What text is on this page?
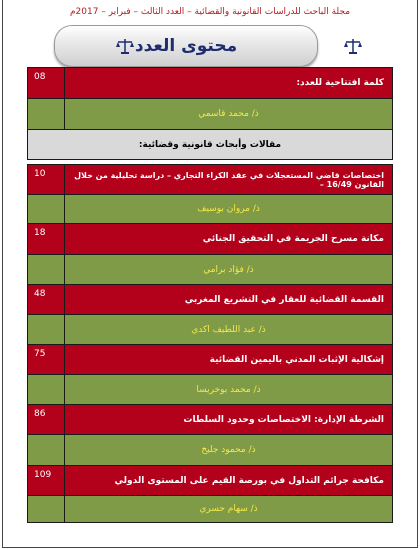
مجلة الباحث للدراسات القانونية والقضائية – العدد الثالث – فبراير – 2017م
محتوى العدد
08	كلمة افتتاحية للعدد:
	ذ/ محمد قاسمي
مقالات وأبحاث قانونية وقضائية:	

10	اختصاصات قاضي المستعجلات في عقد الكراء التجاري – دراسة تحليلية من خلال القانون 16/49 –
	ذ/ مروان بوسيف
18	مكانة مسرح الجريمة في التحقيق الجنائي
	ذ/ فؤاد برامي
48	القسمة القضائية للعقار في التشريع المغربي
	ذ/ عبد اللطيف اكدي
75	إشكالية الإثبات المدني باليمين القضائية
	ذ/ محمد بوخريسا
86	الشرطة الإدارة: الاختصاصات وحدود السلطات
	ذ/ محمود جليخ
109	مكافحة جرائم التداول في بورصة القيم على المستوى الدولي
	ذ/ سهام حسري
